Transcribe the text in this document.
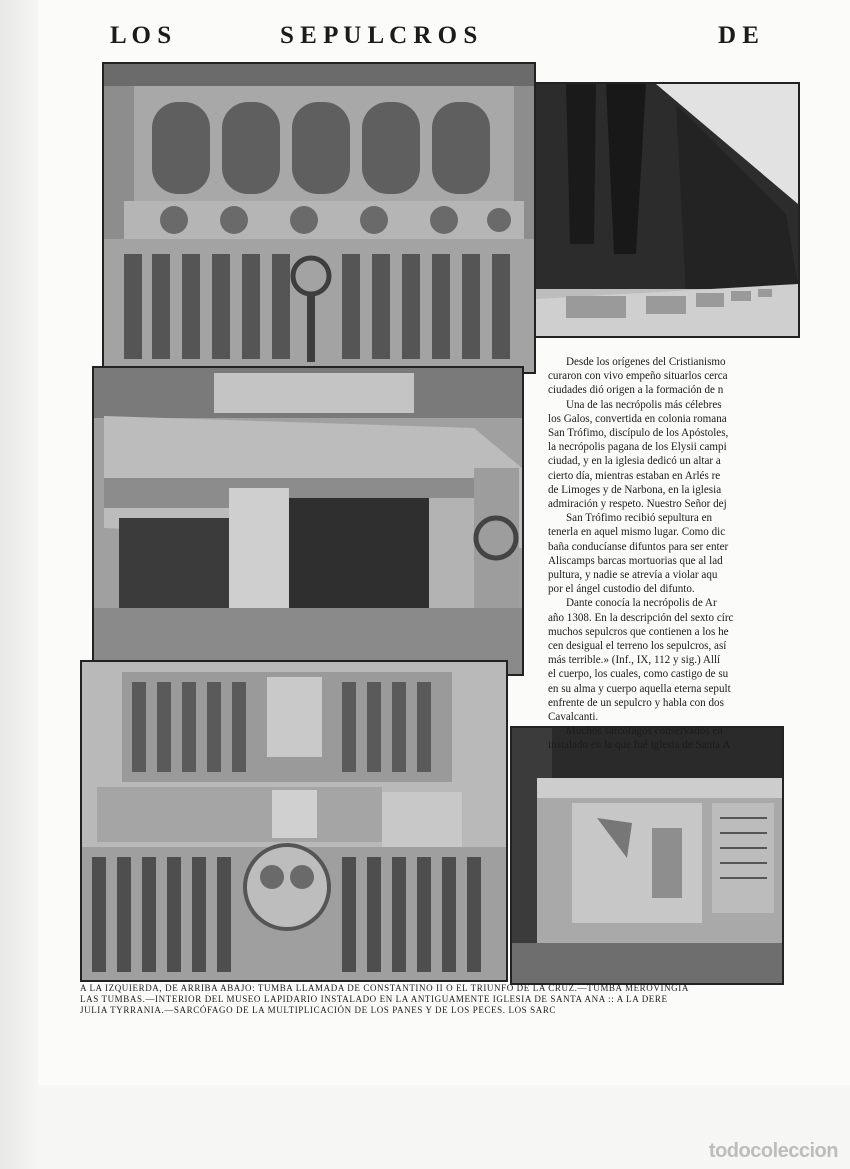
L O S	S E P U L C R O S	D E

Desde los orígenes del Cristianismo

curaron con vivo empeño situarlos cerca

ciudades dió origen a la formación de n

Una de las necrópolis más célebres

los Galos, convertida en colonia romana

San Trófimo, discípulo de los Apóstoles,

la necrópolis pagana de los Elysii campi

ciudad, y en la iglesia dedicó un altar a

cierto día, mientras estaban en Arlés re

de Limoges y de Narbona, en la iglesia

admiración y respeto. Nuestro Señor dej

San Trófimo recibió sepultura en

tenerla en aquel mismo lugar. Como dic

baña conducíanse difuntos para ser enter

Aliscamps barcas mortuorias que al lad

pultura, y nadie se atrevía a violar aqu

por el ángel custodio del difunto.

Dante conocía la necrópolis de Ar

año 1308. En la descripción del sexto círc

muchos sepulcros que contienen a los he

cen desigual el terreno los sepulcros, así

más terrible.» (Inf., IX, 112 y sig.) Allí

el cuerpo, los cuales, como castigo de su

en su alma y cuerpo aquella eterna sepult

enfrente de un sepulcro y habla con dos

Cavalcanti.

Muchos sarcófagos conservados en

instalado en la que fué iglesia de Santa A

A LA IZQUIERDA, DE ARRIBA ABAJO: TUMBA LLAMADA DE CONSTANTINO II O EL TRIUNFO DE LA CRUZ.—TUMBA MEROVINGIA
LAS TUMBAS.—INTERIOR DEL MUSEO LAPIDARIO INSTALADO EN LA ANTIGUAMENTE IGLESIA DE SANTA ANA :: A LA DERE
JULIA TYRRANIA.—SARCÓFAGO DE LA MULTIPLICACIÓN DE LOS PANES Y DE LOS PECES. LOS SARC
todocoleccion
